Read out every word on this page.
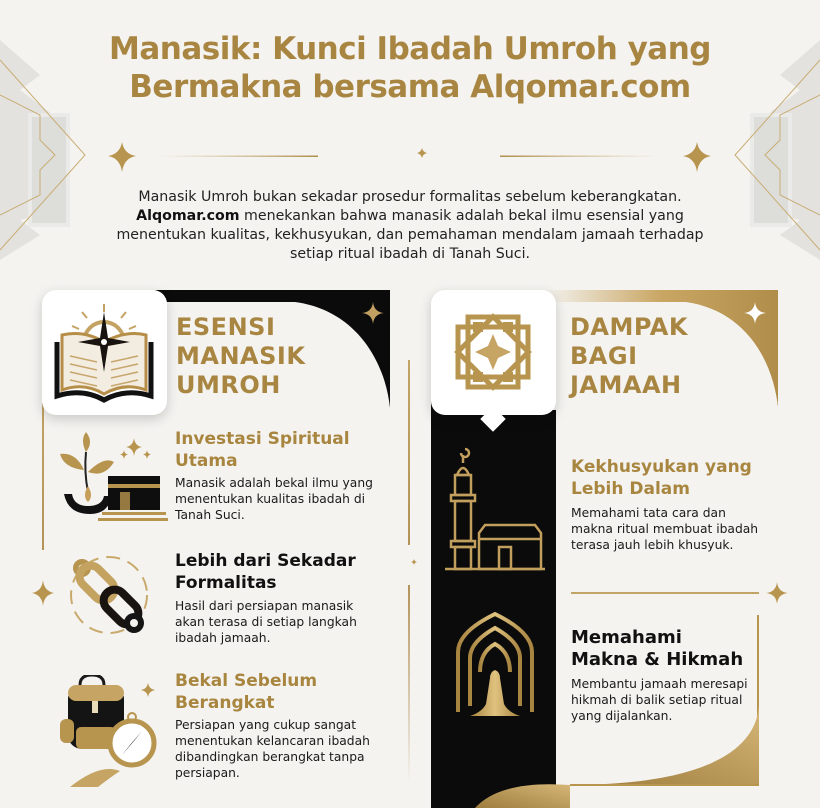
Manasik: Kunci Ibadah Umroh yang
Bermakna bersama Alqomar.com
Manasik Umroh bukan sekadar prosedur formalitas sebelum keberangkatan.
Alqomar.com menekankan bahwa manasik adalah bekal ilmu esensial yang
menentukan kualitas, kekhusyukan, dan pemahaman mendalam jamaah terhadap
setiap ritual ibadah di Tanah Suci.
ESENSI
MANASIK
UMROH
Investasi Spiritual
Utama
Manasik adalah bekal ilmu yang
menentukan kualitas ibadah di
Tanah Suci.
Lebih dari Sekadar
Formalitas
Hasil dari persiapan manasik
akan terasa di setiap langkah
ibadah jamaah.
Bekal Sebelum
Berangkat
Persiapan yang cukup sangat
menentukan kelancaran ibadah
dibandingkan berangkat tanpa
persiapan.
DAMPAK
BAGI
JAMAAH
Kekhusyukan yang
Lebih Dalam
Memahami tata cara dan
makna ritual membuat ibadah
terasa jauh lebih khusyuk.
Memahami
Makna & Hikmah
Membantu jamaah meresapi
hikmah di balik setiap ritual
yang dijalankan.
